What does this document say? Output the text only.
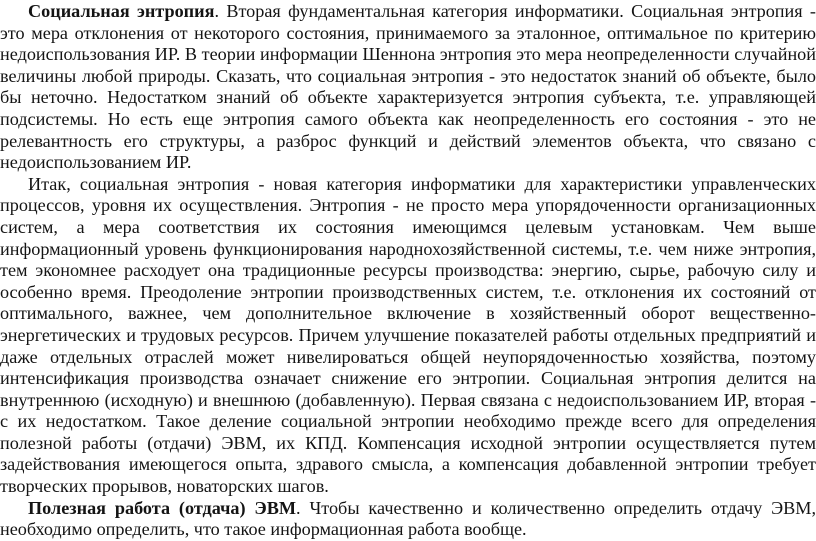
Социальная энтропия. Вторая фундаментальная категория информатики. Социальная энтропия - это мера отклонения от некоторого состояния, принимаемого за эталонное, оптимальное по критерию недоиспользования ИР. В теории информации Шеннона энтропия это мера неопределенности случайной величины любой природы. Сказать, что социальная энтропия - это недостаток знаний об объекте, было бы неточно. Недостатком знаний об объекте характеризуется энтропия субъекта, т.е. управляющей подсистемы. Но есть еще энтропия самого объекта как неопределенность его состояния - это не релевантность его структуры, а разброс функций и действий элементов объекта, что связано с недоиспользованием ИР.

Итак, социальная энтропия - новая категория информатики для характеристики управленческих процессов, уровня их осуществления. Энтропия - не просто мера упорядоченности организационных систем, а мера соответствия их состояния имеющимся целевым установкам. Чем выше информационный уровень функционирования народнохозяйственной системы, т.е. чем ниже энтропия, тем экономнее расходует она традиционные ресурсы производства: энергию, сырье, рабочую силу и особенно время. Преодоление энтропии производственных систем, т.е. отклонения их состояний от оптимального, важнее, чем дополнительное включение в хозяйственный оборот вещественно-энергетических и трудовых ресурсов. Причем улучшение показателей работы отдельных предприятий и даже отдельных отраслей может нивелироваться общей неупорядоченностью хозяйства, поэтому интенсификация производства означает снижение его энтропии. Социальная энтропия делится на внутреннюю (исходную) и внешнюю (добавленную). Первая связана с недоиспользованием ИР, вторая - с их недостатком. Такое деление социальной энтропии необходимо прежде всего для определения полезной работы (отдачи) ЭВМ, их КПД. Компенсация исходной энтропии осуществляется путем задействования имеющегося опыта, здравого смысла, а компенсация добавленной энтропии требует творческих прорывов, новаторских шагов.

Полезная работа (отдача) ЭВМ. Чтобы качественно и количественно определить отдачу ЭВМ, необходимо определить, что такое информационная работа вообще.
